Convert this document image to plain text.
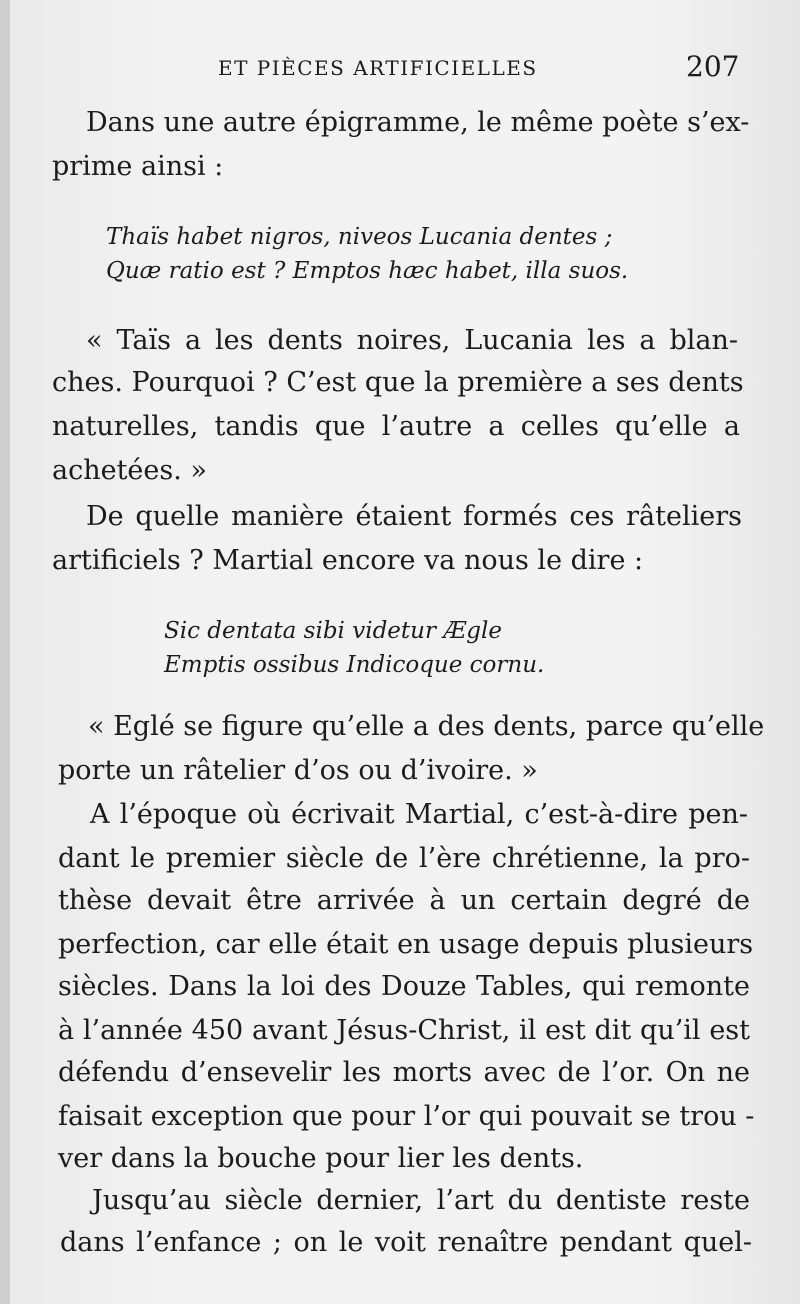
ET PIÈCES ARTIFICIELLES	207
Dans une autre épigramme, le même poète s’ex-
prime ainsi :
Thaïs habet nigros, niveos Lucania dentes ;
Quæ ratio est ? Emptos hæc habet, illa suos.
« Taïs a les dents noires, Lucania les a blan-
ches. Pourquoi ? C’est que la première a ses dents
naturelles, tandis que l’autre a celles qu’elle a
achetées. »
De quelle manière étaient formés ces râteliers
artificiels ? Martial encore va nous le dire :
Sic dentata sibi videtur Ægle
Emptis ossibus Indicoque cornu.
« Eglé se figure qu’elle a des dents, parce qu’elle
porte un râtelier d’os ou d’ivoire. »
A l’époque où écrivait Martial, c’est-à-dire pen-
dant le premier siècle de l’ère chrétienne, la pro-
thèse devait être arrivée à un certain degré de
perfection, car elle était en usage depuis plusieurs
siècles. Dans la loi des Douze Tables, qui remonte
à l’année 450 avant Jésus-Christ, il est dit qu’il est
défendu d’ensevelir les morts avec de l’or. On ne
faisait exception que pour l’or qui pouvait se trou -
ver dans la bouche pour lier les dents.
Jusqu’au siècle dernier, l’art du dentiste reste
dans l’enfance ; on le voit renaître pendant quel-
